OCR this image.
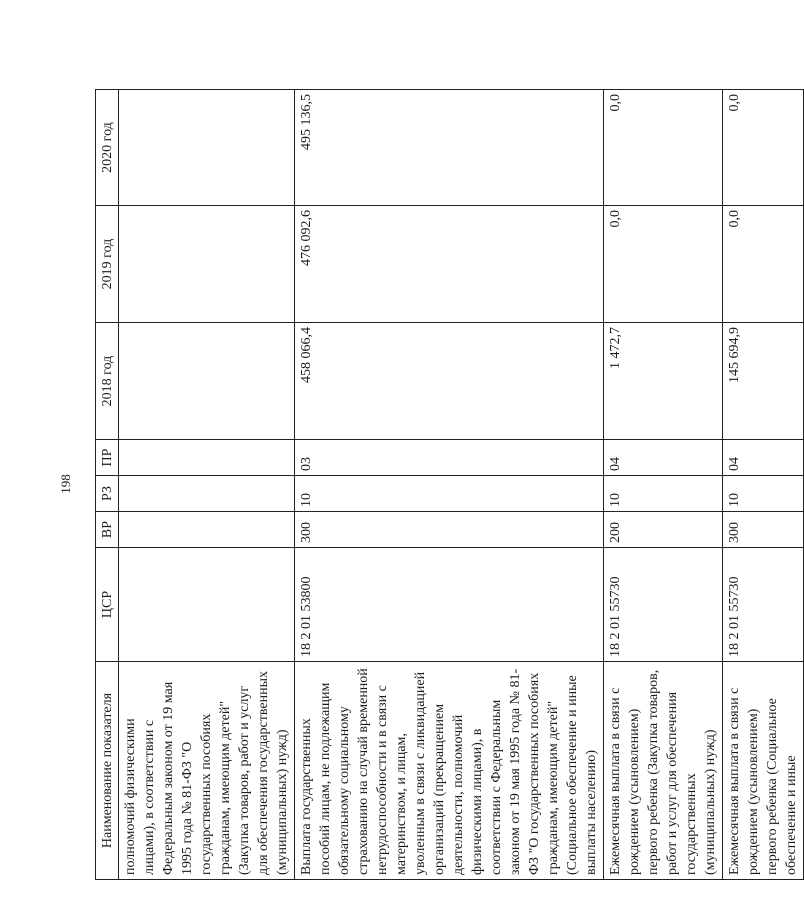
198
Наименование показателя	ЦСР	ВР	РЗ	ПР	2018 год	2019 год	2020 год
полномочий физическими лицами), в соответствии с Федеральным законом от 19 мая 1995 года № 81-ФЗ "О государственных пособиях гражданам, имеющим детей" (Закупка товаров, работ и услуг для обеспечения государственных (муниципальных) нужд)							
Выплата государственных пособий лицам, не подлежащим обязательному социальному страхованию на случай временной нетрудоспособности и в связи с материнством, и лицам, уволенным в связи с ликвидацией организаций (прекращением деятельности, полномочий физическими лицами), в соответствии с Федеральным законом от 19 мая 1995 года № 81-ФЗ "О государственных пособиях гражданам, имеющим детей" (Социальное обеспечение и иные выплаты населению)	18 2 01 53800	300	10	03	458 066,4	476 092,6	495 136,5
Ежемесячная выплата в связи с рождением (усыновлением) первого ребенка (Закупка товаров, работ и услуг для обеспечения государственных (муниципальных) нужд)	18 2 01 55730	200	10	04	1 472,7	0,0	0,0
Ежемесячная выплата в связи с рождением (усыновлением) первого ребенка (Социальное обеспечение и иные	18 2 01 55730	300	10	04	145 694,9	0,0	0,0
